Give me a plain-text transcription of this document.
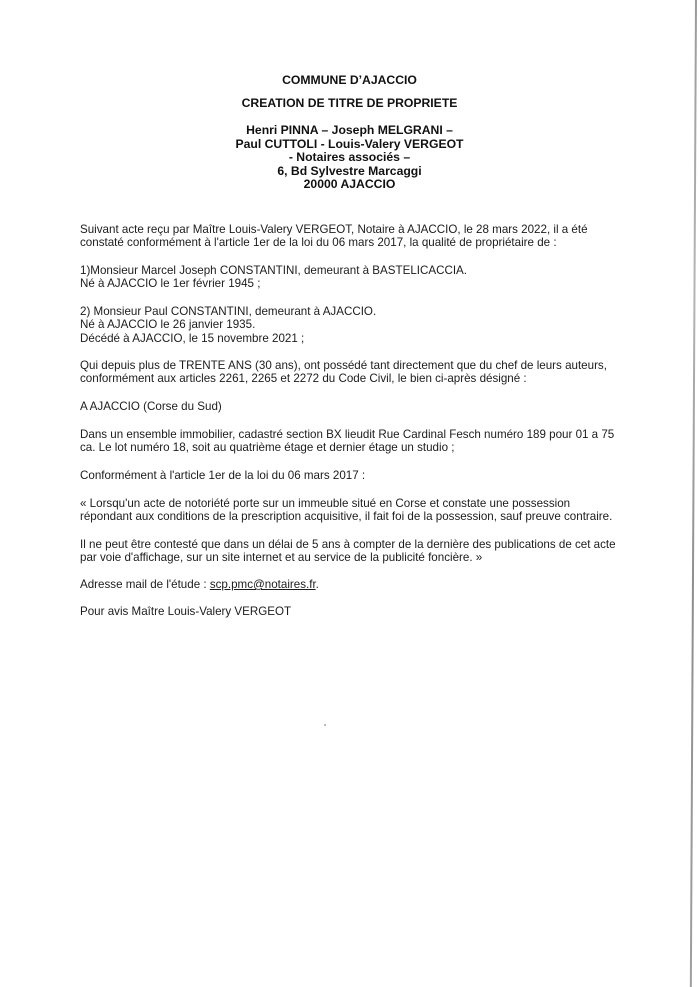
COMMUNE D’AJACCIO
CREATION DE TITRE DE PROPRIETE
Henri PINNA – Joseph MELGRANI –
Paul CUTTOLI - Louis-Valery VERGEOT
- Notaires associés –
6, Bd Sylvestre Marcaggi
20000 AJACCIO
Suivant acte reçu par Maître Louis-Valery VERGEOT, Notaire à AJACCIO, le 28 mars 2022, il a été
constaté conformément à l'article 1er de la loi du 06 mars 2017, la qualité de propriétaire de :
1)Monsieur Marcel Joseph CONSTANTINI, demeurant à BASTELICACCIA.
Né à AJACCIO le 1er février 1945 ;
2) Monsieur Paul CONSTANTINI, demeurant à AJACCIO.
Né à AJACCIO le 26 janvier 1935.
Décédé à AJACCIO, le 15 novembre 2021 ;
Qui depuis plus de TRENTE ANS (30 ans), ont possédé tant directement que du chef de leurs auteurs,
conformément aux articles 2261, 2265 et 2272 du Code Civil, le bien ci-après désigné :
A AJACCIO (Corse du Sud)
Dans un ensemble immobilier, cadastré section BX lieudit Rue Cardinal Fesch numéro 189 pour 01 a 75
ca. Le lot numéro 18, soit au quatrième étage et dernier étage un studio ;
Conformément à l'article 1er de la loi du 06 mars 2017 :
« Lorsqu'un acte de notoriété porte sur un immeuble situé en Corse et constate une possession
répondant aux conditions de la prescription acquisitive, il fait foi de la possession, sauf preuve contraire.
Il ne peut être contesté que dans un délai de 5 ans à compter de la dernière des publications de cet acte
par voie d'affichage, sur un site internet et au service de la publicité foncière. »
Adresse mail de l'étude : scp.pmc@notaires.fr.
Pour avis Maître Louis-Valery VERGEOT
